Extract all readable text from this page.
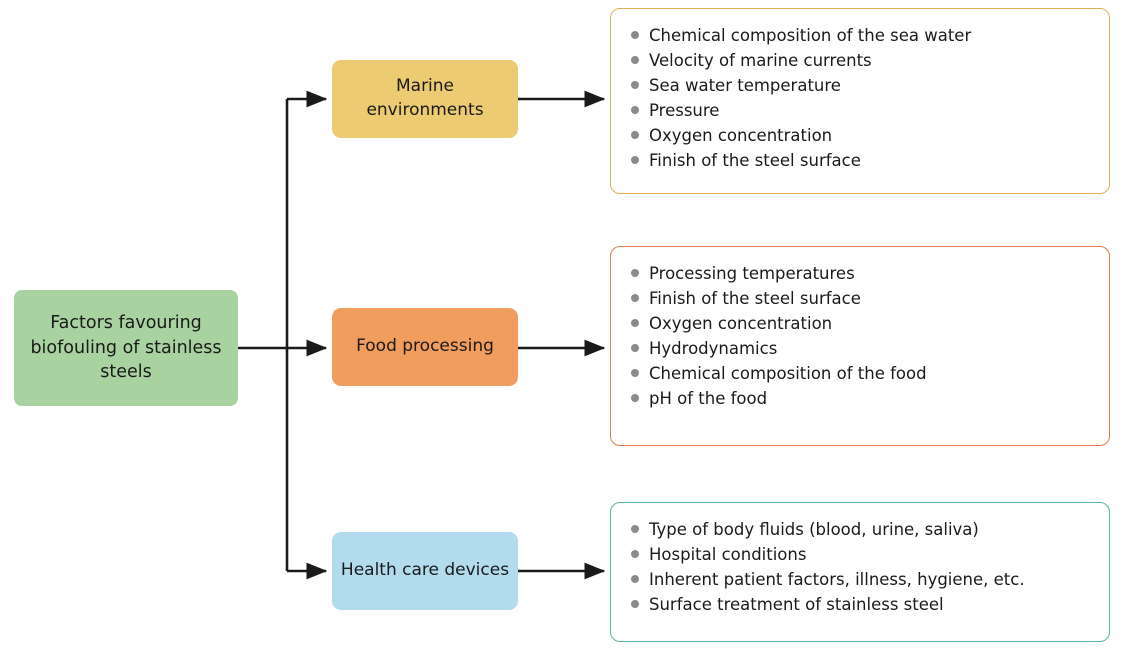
Factors favouring biofouling of stainless steels
Marine environments
Food processing
Health care devices
Chemical composition of the sea water
Velocity of marine currents
Sea water temperature
Pressure
Oxygen concentration
Finish of the steel surface
Processing temperatures
Finish of the steel surface
Oxygen concentration
Hydrodynamics
Chemical composition of the food
pH of the food
Type of body fluids (blood, urine, saliva)
Hospital conditions
Inherent patient factors, illness, hygiene, etc.
Surface treatment of stainless steel
